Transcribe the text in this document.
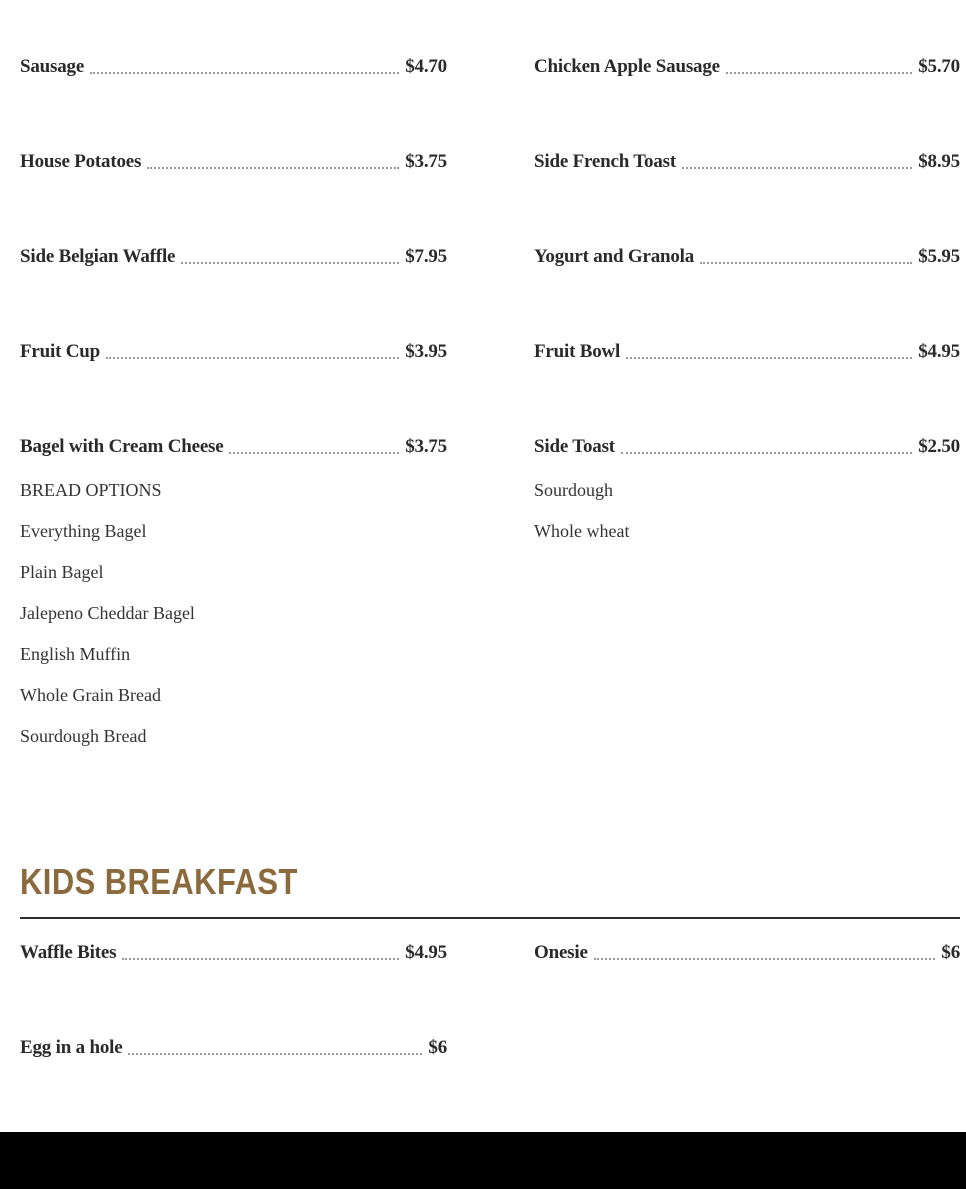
Sausage	$4.70
House Potatoes	$3.75
Side Belgian Waffle	$7.95
Fruit Cup	$3.95
Bagel with Cream Cheese	$3.75
BREAD OPTIONS
Everything Bagel
Plain Bagel
Jalepeno Cheddar Bagel
English Muffin
Whole Grain Bread
Sourdough Bread
Chicken Apple Sausage	$5.70
Side French Toast	$8.95
Yogurt and Granola	$5.95
Fruit Bowl	$4.95
Side Toast	$2.50
Sourdough
Whole wheat
KIDS BREAKFAST
Waffle Bites	$4.95
Egg in a hole	$6
Onesie	$6
